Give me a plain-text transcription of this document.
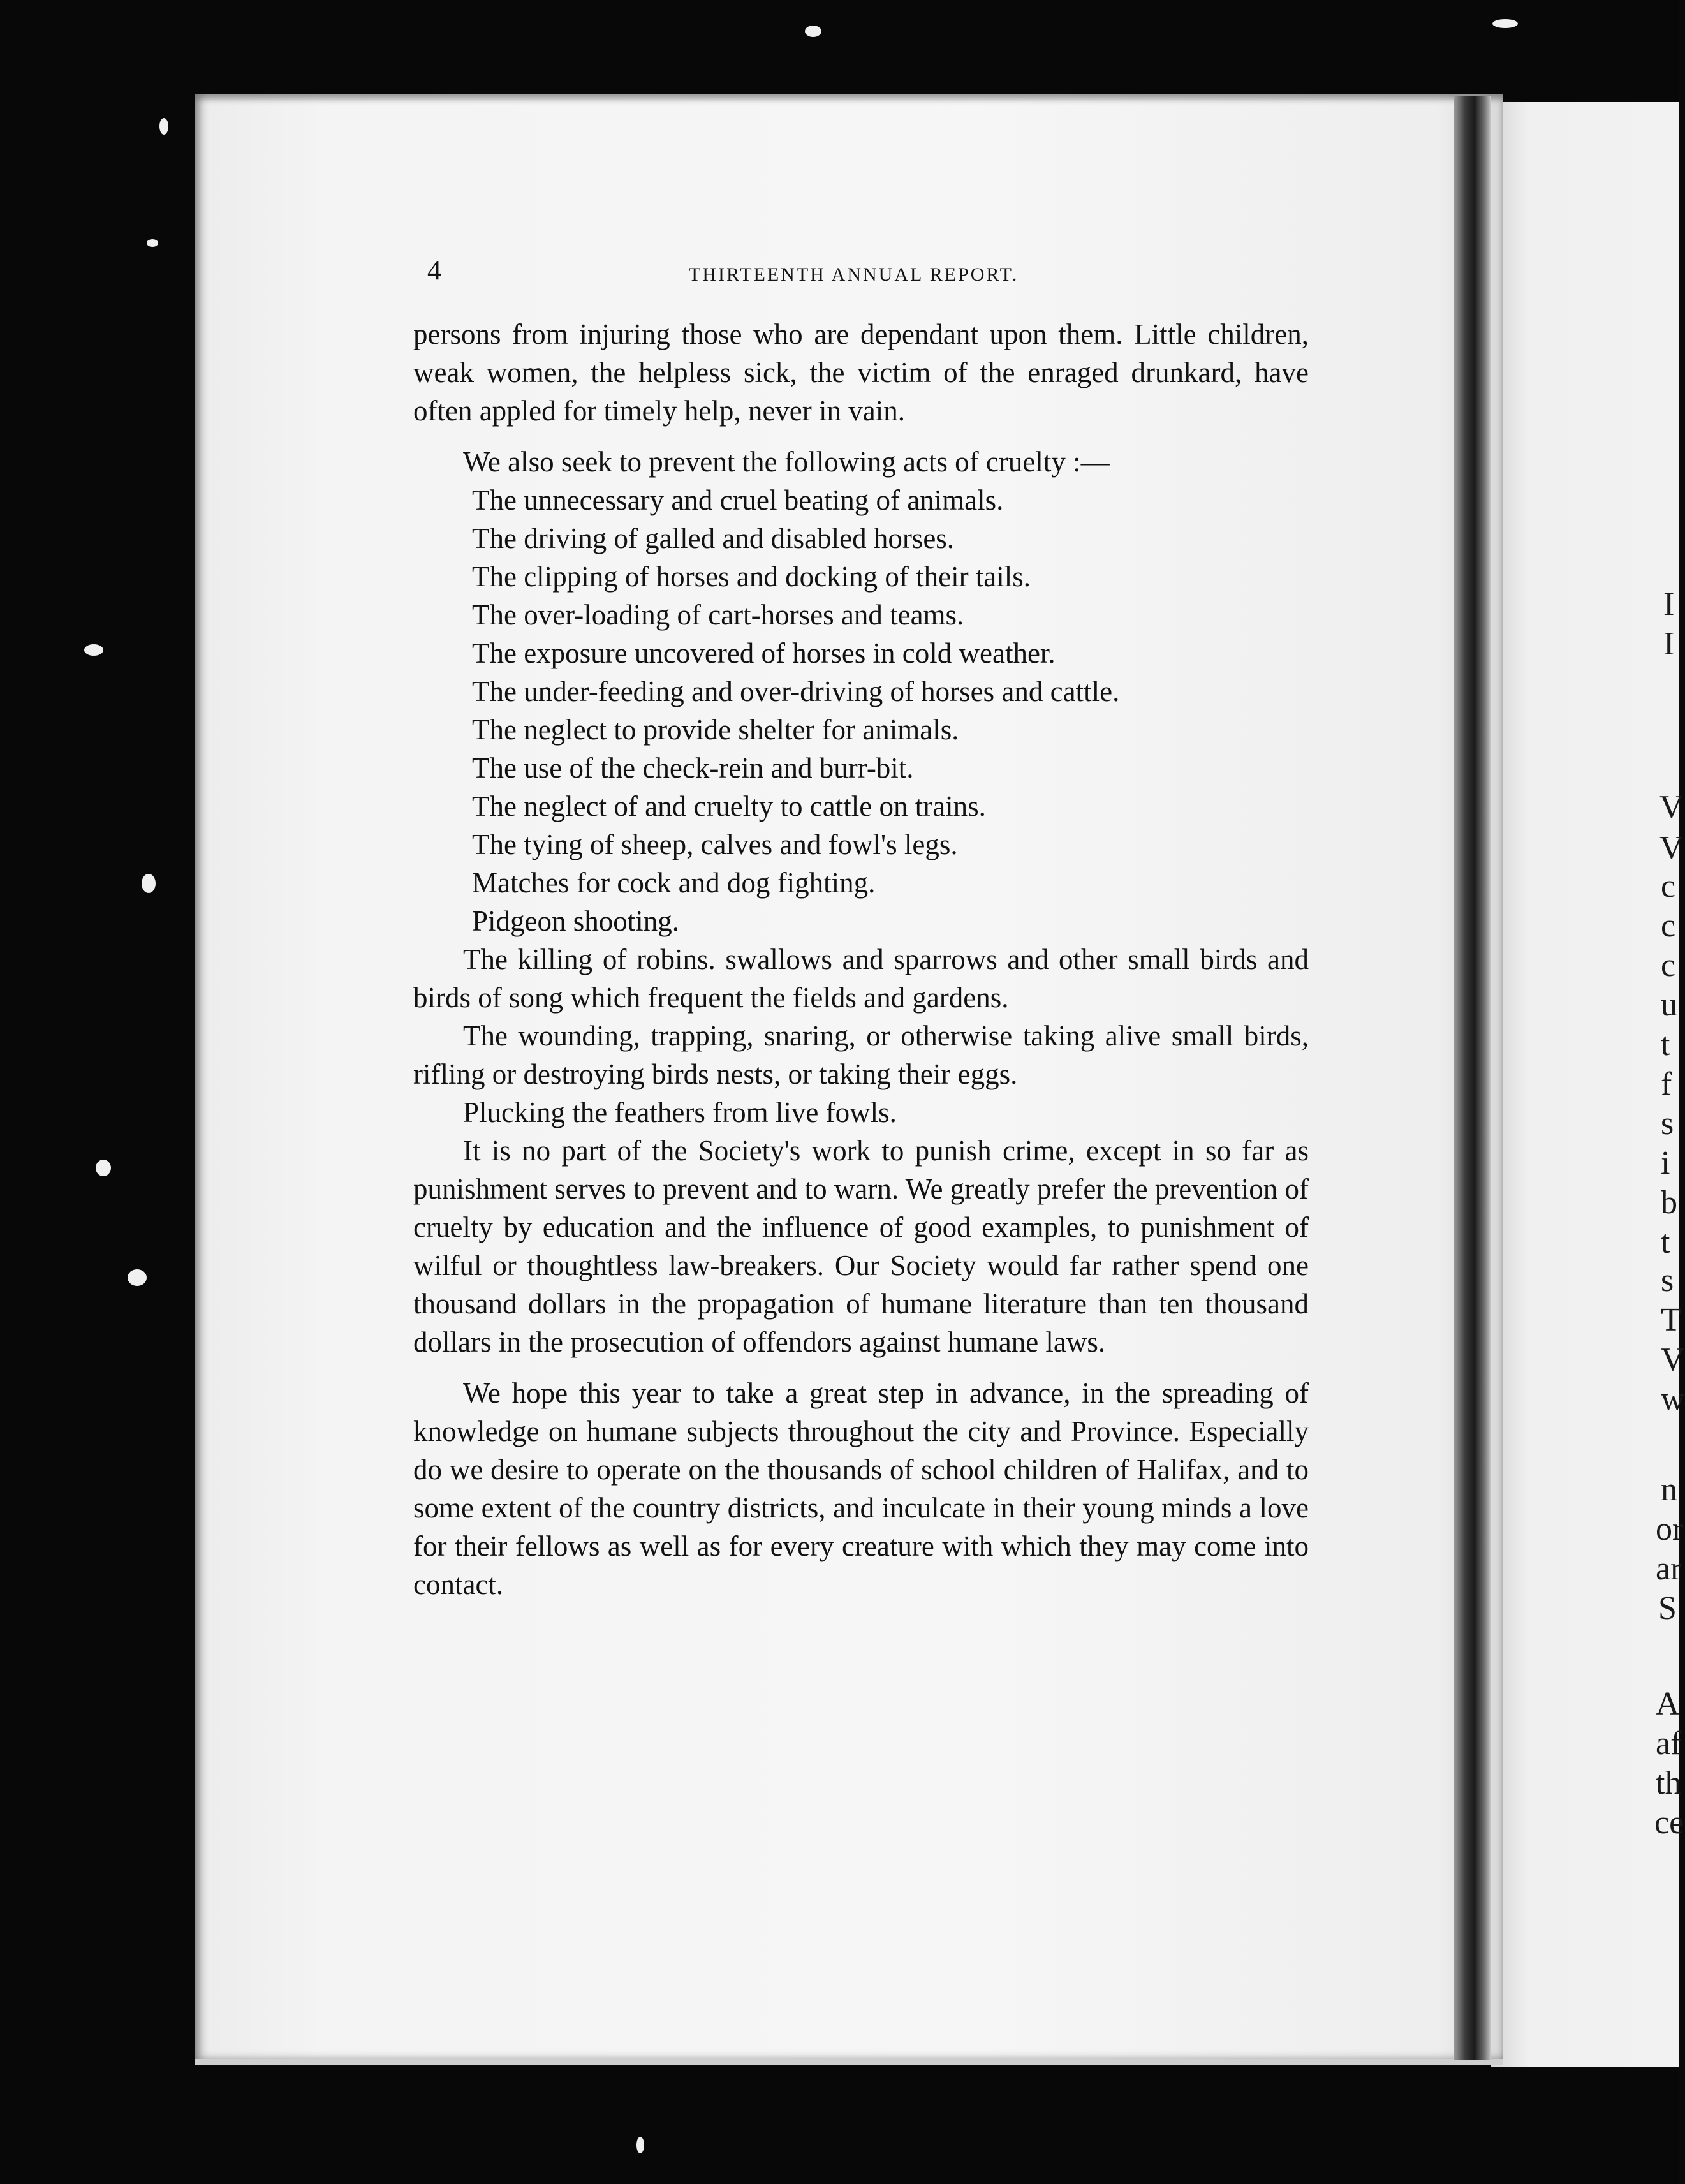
I
I
V
V
c
c
c
u
t
f
s
i
b
t
s
T
V
w
n
or
ar
S
A
af
th
ce
4	THIRTEENTH ANNUAL REPORT.

persons from injuring those who are dependant upon them. Little children, weak women, the helpless sick, the victim of the enraged drunkard, have often appled for timely help, never in vain.

We also seek to prevent the following acts of cruelty :—

The unnecessary and cruel beating of animals.
The driving of galled and disabled horses.
The clipping of horses and docking of their tails.
The over-loading of cart-horses and teams.
The exposure uncovered of horses in cold weather.
The under-feeding and over-driving of horses and cattle.
The neglect to provide shelter for animals.
The use of the check-rein and burr-bit.
The neglect of and cruelty to cattle on trains.
The tying of sheep, calves and fowl's legs.
Matches for cock and dog fighting.
Pidgeon shooting.

The killing of robins. swallows and sparrows and other small birds and birds of song which frequent the fields and gardens.

The wounding, trapping, snaring, or otherwise taking alive small birds, rifling or destroying birds nests, or taking their eggs.

Plucking the feathers from live fowls.

It is no part of the Society's work to punish crime, except in so far as punishment serves to prevent and to warn. We greatly prefer the prevention of cruelty by education and the influence of good examples, to punishment of wilful or thoughtless law-breakers. Our Society would far rather spend one thousand dollars in the propagation of humane literature than ten thousand dollars in the prosecution of offendors against humane laws.

We hope this year to take a great step in advance, in the spreading of knowledge on humane subjects throughout the city and Province. Especially do we desire to operate on the thousands of school children of Halifax, and to some extent of the country districts, and inculcate in their young minds a love for their fellows as well as for every creature with which they may come into contact.
